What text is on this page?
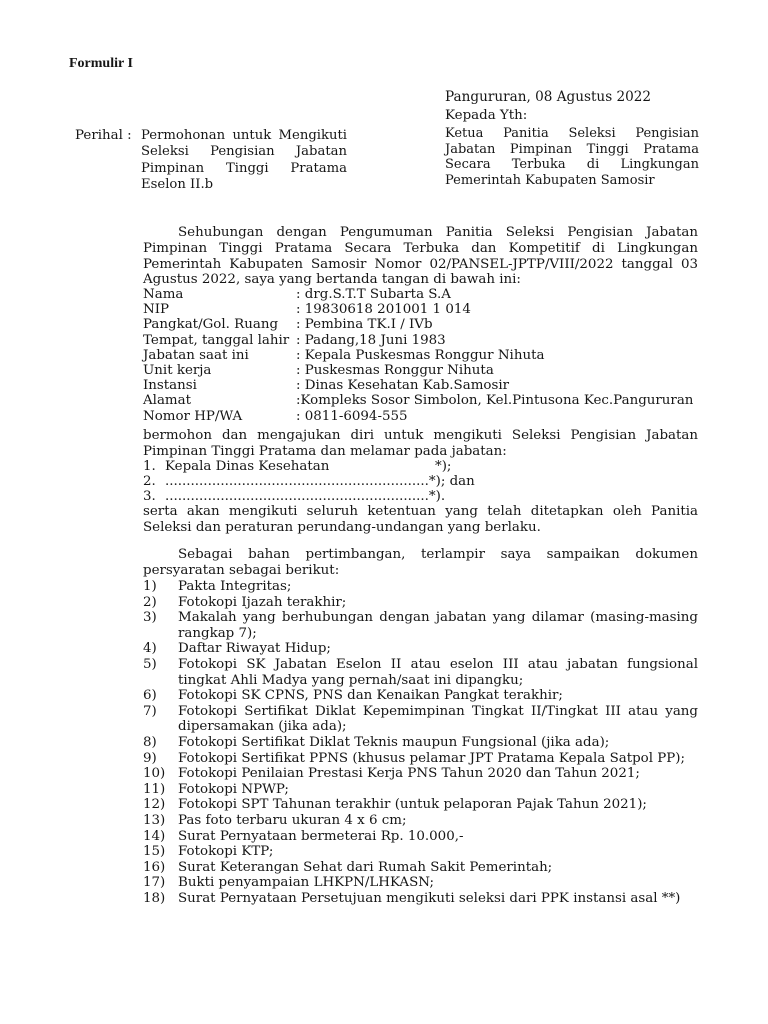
Formulir I
Pangururan, 08 Agustus 2022
Kepada Yth:
Ketua Panitia Seleksi Pengisian
Jabatan Pimpinan Tinggi Pratama
Secara Terbuka di Lingkungan
Pemerintah Kabupaten Samosir
Perihal : Permohonan untuk Mengikuti
Seleksi Pengisian Jabatan
Pimpinan Tinggi Pratama
Eselon II.b
Sehubungan dengan Pengumuman Panitia Seleksi Pengisian Jabatan
Pimpinan Tinggi Pratama Secara Terbuka dan Kompetitif di Lingkungan
Pemerintah Kabupaten Samosir Nomor 02/PANSEL-JPTP/VIII/2022 tanggal 03
Agustus 2022, saya yang bertanda tangan di bawah ini:
Nama	: drg.S.T.T Subarta S.A
NIP	: 19830618 201001 1 014
Pangkat/Gol. Ruang	: Pembina TK.I / IVb
Tempat, tanggal lahir : Padang,18 Juni 1983
Jabatan saat ini	: Kepala Puskesmas Ronggur Nihuta
Unit kerja	: Puskesmas Ronggur Nihuta
Instansi	: Dinas Kesehatan Kab.Samosir
Alamat	:Kompleks Sosor Simbolon, Kel.Pintusona Kec.Pangururan
Nomor HP/WA	: 0811-6094-555
bermohon dan mengajukan diri untuk mengikuti Seleksi Pengisian Jabatan
Pimpinan Tinggi Pratama dan melamar pada jabatan:
1. Kepala Dinas Kesehatan	*);
2. .............................................................. *); dan
3. .............................................................. *).
serta akan mengikuti seluruh ketentuan yang telah ditetapkan oleh Panitia
Seleksi dan peraturan perundang-undangan yang berlaku.
Sebagai bahan pertimbangan, terlampir saya sampaikan dokumen
persyaratan sebagai berikut:
1)	Pakta Integritas;
2)	Fotokopi Ijazah terakhir;
3)	Makalah yang berhubungan dengan jabatan yang dilamar (masing-masing
rangkap 7);
4)	Daftar Riwayat Hidup;
5)	Fotokopi SK Jabatan Eselon II atau eselon III atau jabatan fungsional
tingkat Ahli Madya yang pernah/saat ini dipangku;
6)	Fotokopi SK CPNS, PNS dan Kenaikan Pangkat terakhir;
7)	Fotokopi Sertifikat Diklat Kepemimpinan Tingkat II/Tingkat III atau yang
dipersamakan (jika ada);
8)	Fotokopi Sertifikat Diklat Teknis maupun Fungsional (jika ada);
9)	Fotokopi Sertifikat PPNS (khusus pelamar JPT Pratama Kepala Satpol PP);
10) Fotokopi Penilaian Prestasi Kerja PNS Tahun 2020 dan Tahun 2021;
11) Fotokopi NPWP;
12) Fotokopi SPT Tahunan terakhir (untuk pelaporan Pajak Tahun 2021);
13) Pas foto terbaru ukuran 4 x 6 cm;
14) Surat Pernyataan bermeterai Rp. 10.000,-
15) Fotokopi KTP;
16) Surat Keterangan Sehat dari Rumah Sakit Pemerintah;
17) Bukti penyampaian LHKPN/LHKASN;
18) Surat Pernyataan Persetujuan mengikuti seleksi dari PPK instansi asal **)
